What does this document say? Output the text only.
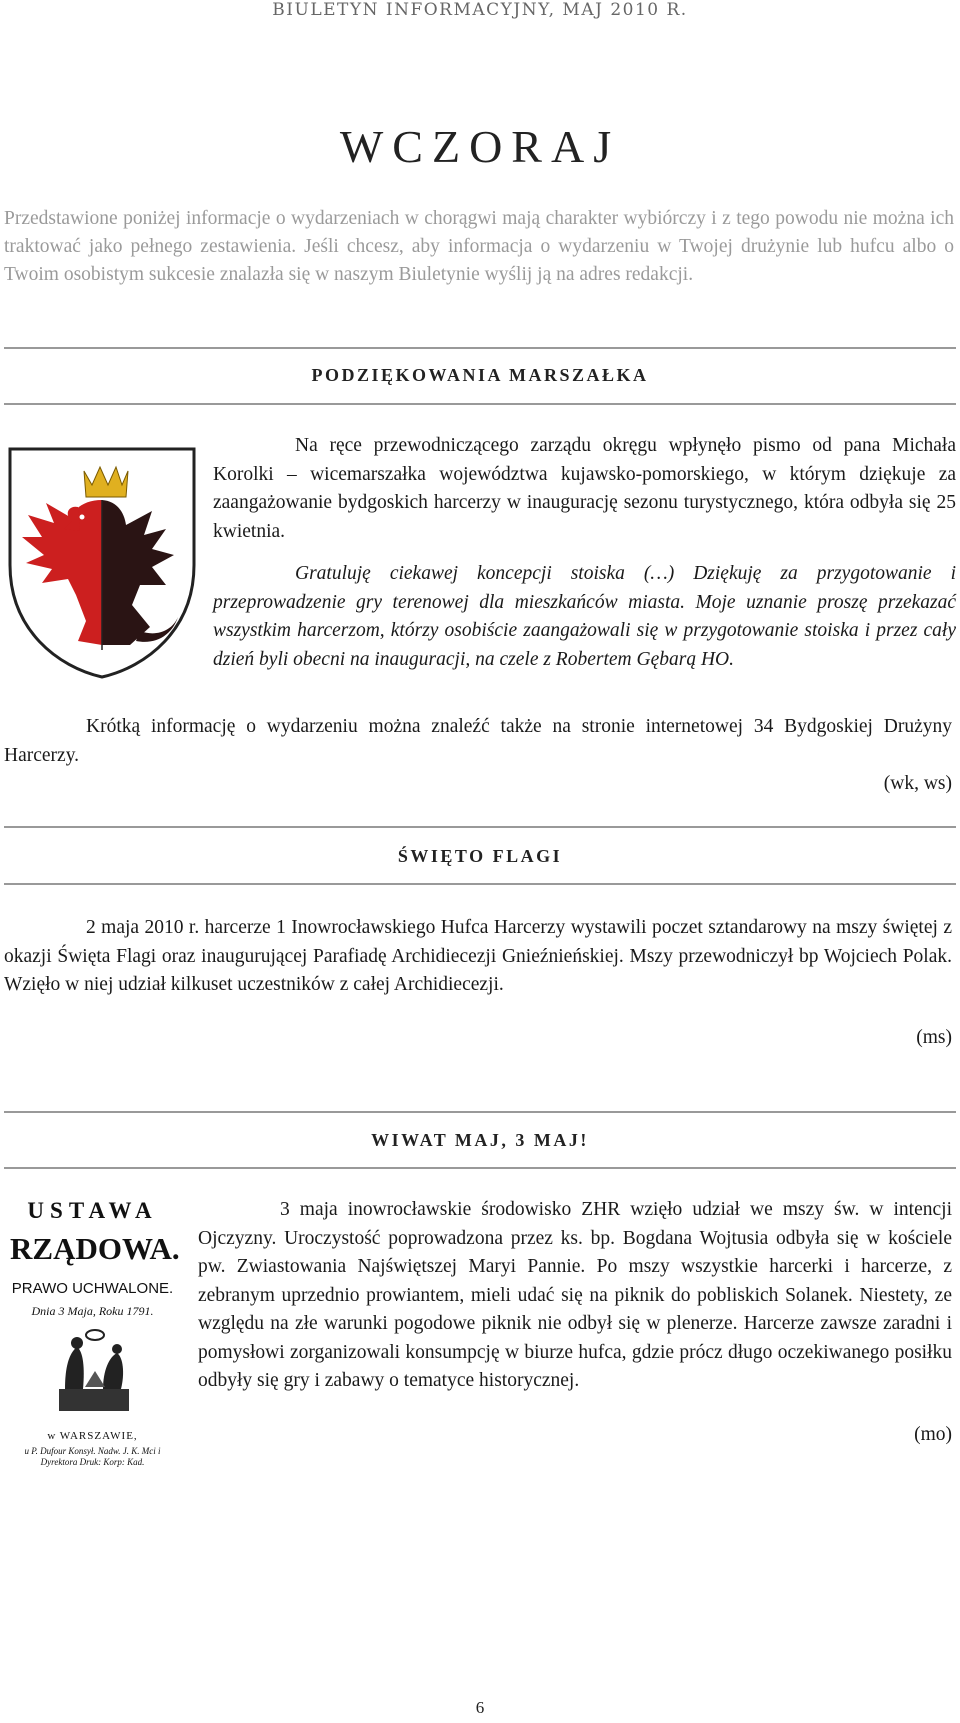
BIULETYN INFORMACYJNY, MAJ 2010 R.
WCZORAJ
Przedstawione poniżej informacje o wydarzeniach w chorągwi mają charakter wybiórczy i z tego powodu nie można ich traktować jako pełnego zestawienia. Jeśli chcesz, aby informacja o wydarzeniu w Twojej drużynie lub hufcu albo o Twoim osobistym sukcesie znalazła się w naszym Biuletynie wyślij ją na adres redakcji.
PODZIĘKOWANIA MARSZAŁKA

Na ręce przewodniczącego zarządu okręgu wpłynęło pismo od pana Michała Korolki – wicemarszałka województwa kujawsko-pomorskiego, w którym dziękuje za zaangażowanie bydgoskich harcerzy w inaugurację sezonu turystycznego, która odbyła się 25 kwietnia.

Gratuluję ciekawej koncepcji stoiska (…) Dziękuję za przygotowanie i przeprowadzenie gry terenowej dla mieszkańców miasta. Moje uznanie proszę przekazać wszystkim harcerzom, którzy osobiście zaangażowali się w przygotowanie stoiska i przez cały dzień byli obecni na inauguracji, na czele z Robertem Gębarą HO.

Krótką informację o wydarzeniu można znaleźć także na stronie internetowej 34 Bydgoskiej Drużyny Harcerzy.

(wk, ws)
ŚWIĘTO FLAGI

2 maja 2010 r. harcerze 1 Inowrocławskiego Hufca Harcerzy wystawili poczet sztandarowy na mszy świętej z okazji Święta Flagi oraz inaugurującej Parafiadę Archidiecezji Gnieźnieńskiej. Mszy przewodniczył bp Wojciech Polak. Wzięło w niej udział kilkuset uczestników z całej Archidiecezji.

(ms)
WIWAT MAJ, 3 MAJ!
USTAWA
RZĄDOWA.
PRAWO UCHWALONE.
Dnia 3 Maja, Roku 1791.
w WARSZAWIE,
u P. Dufour Konsył. Nadw. J. K. Mci i Dyrektora Druk: Korp: Kad.

3 maja inowrocławskie środowisko ZHR wzięło udział we mszy św. w intencji Ojczyzny. Uroczystość poprowadzona przez ks. bp. Bogdana Wojtusia odbyła się w kościele pw. Zwiastowania Najświętszej Maryi Pannie. Po mszy wszystkie harcerki i harcerze, z zebranym uprzednio prowiantem, mieli udać się na piknik do pobliskich Solanek. Niestety, ze względu na złe warunki pogodowe piknik nie odbył się w plenerze. Harcerze zawsze zaradni i pomysłowi zorganizowali konsumpcję w biurze hufca, gdzie prócz długo oczekiwanego posiłku odbyły się gry i zabawy o tematyce historycznej.

(mo)
6
